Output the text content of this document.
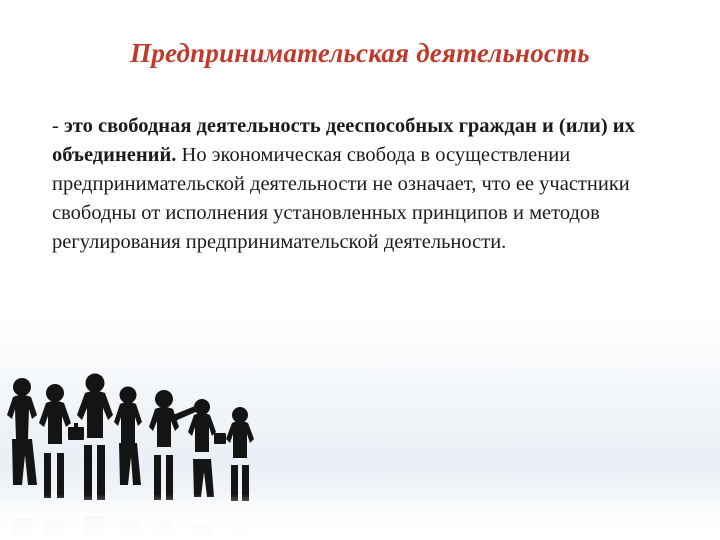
Предпринимательская деятельность
- это свободная деятельность дееспособных граждан и (или) их объединений. Но экономическая свобода в осуществлении предпринимательской деятельности не означает, что ее участники свободны от исполнения установленных принципов и методов регулирования предпринимательской деятельности.
